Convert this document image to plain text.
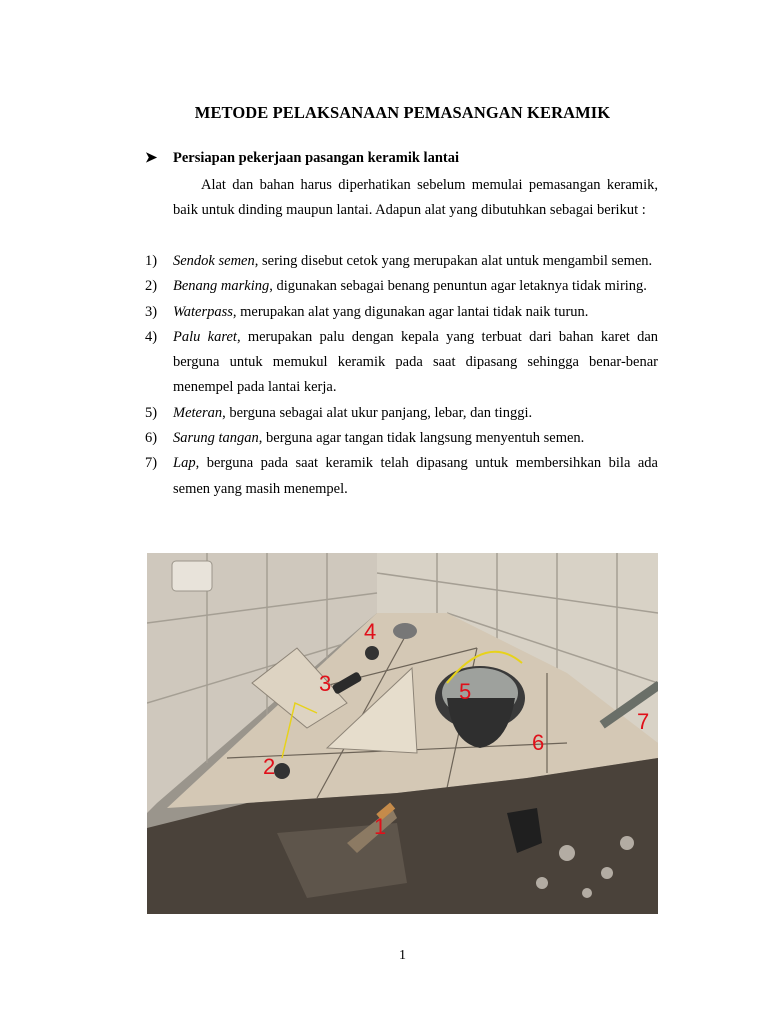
METODE PELAKSANAAN PEMASANGAN KERAMIK
➤ Persiapan pekerjaan pasangan keramik lantai
Alat dan bahan harus diperhatikan sebelum memulai pemasangan keramik, baik untuk dinding maupun lantai. Adapun alat yang dibutuhkan sebagai berikut :
1) Sendok semen, sering disebut cetok yang merupakan alat untuk mengambil semen.
2) Benang marking, digunakan sebagai benang penuntun agar letaknya tidak miring.
3) Waterpass, merupakan alat yang digunakan agar lantai tidak naik turun.
4) Palu karet, merupakan palu dengan kepala yang terbuat dari bahan karet dan berguna untuk memukul keramik pada saat dipasang sehingga benar-benar menempel pada lantai kerja.
5) Meteran, berguna sebagai alat ukur panjang, lebar, dan tinggi.
6) Sarung tangan, berguna agar tangan tidak langsung menyentuh semen.
7) Lap, berguna pada saat keramik telah dipasang untuk membersihkan bila ada semen yang masih menempel.
1
2
3
4
5
6
7
1
